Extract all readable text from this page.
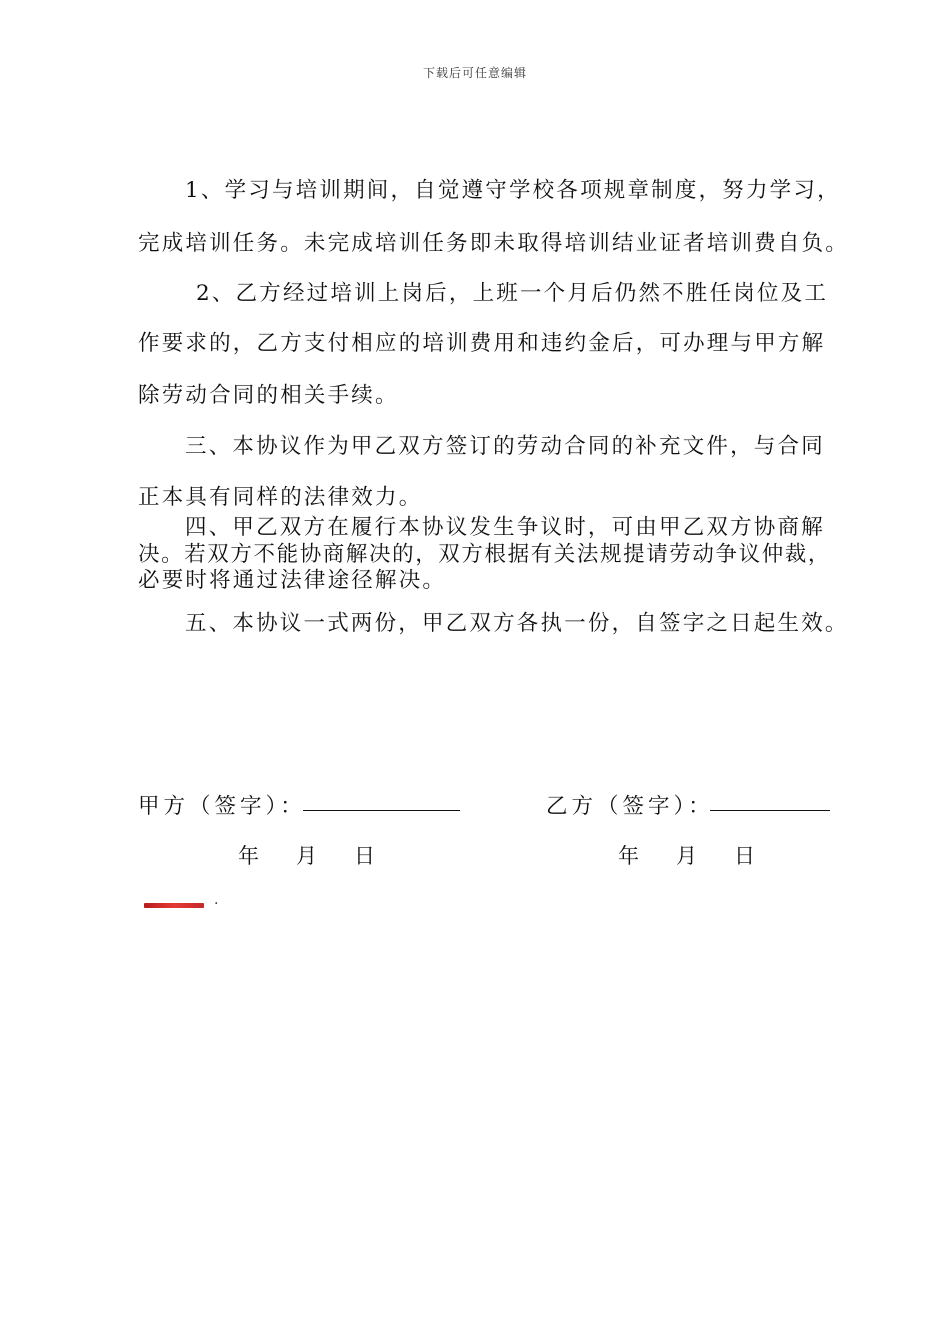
下载后可任意编辑
1、学习与培训期间，自觉遵守学校各项规章制度，努力学习，
完成培训任务。未完成培训任务即未取得培训结业证者培训费自负。
2、乙方经过培训上岗后，上班一个月后仍然不胜任岗位及工
作要求的，乙方支付相应的培训费用和违约金后，可办理与甲方解
除劳动合同的相关手续。
三、本协议作为甲乙双方签订的劳动合同的补充文件，与合同
正本具有同样的法律效力。
四、甲乙双方在履行本协议发生争议时，可由甲乙双方协商解
决。若双方不能协商解决的，双方根据有关法规提请劳动争议仲裁，
必要时将通过法律途径解决。
五、本协议一式两份，甲乙双方各执一份，自签字之日起生效。
甲方（签字）：	乙方（签字）：
年 月 日	年 月 日
.
